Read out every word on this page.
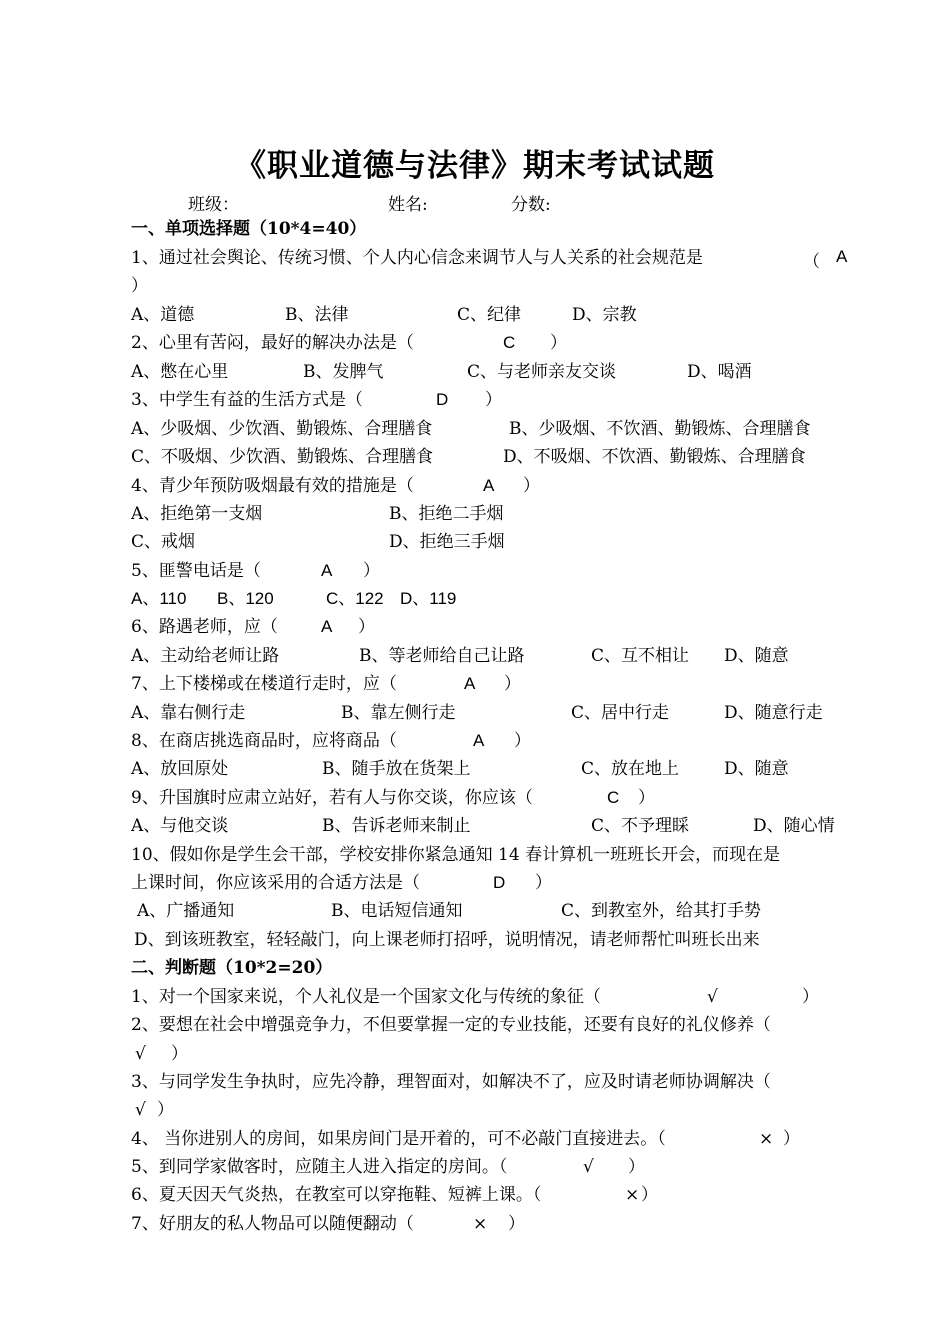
《职业道德与法律》期末考试试题
班级：	姓名:	分数:
一、单项选择题（10*4=40）
1、通过社会舆论、传统习惯、个人内心信念来调节人与人关系的社会规范是	（ A
）
A、道德	B、法律	C、纪律	D、宗教
2、心里有苦闷，最好的解决办法是（	C ）
A、憋在心里	B、发脾气	C、与老师亲友交谈	D、喝酒
3、中学生有益的生活方式是（	D ）
A、少吸烟、少饮酒、勤锻炼、合理膳食	B、少吸烟、不饮酒、勤锻炼、合理膳食
C、不吸烟、少饮酒、勤锻炼、合理膳食	D、不吸烟、不饮酒、勤锻炼、合理膳食
4、青少年预防吸烟最有效的措施是（	A ）
A、拒绝第一支烟	B、拒绝二手烟
C、戒烟	D、拒绝三手烟
5、匪警电话是（	A ）
A、110 B、120	C、122 D、119
6、路遇老师，应（	A ）
A、主动给老师让路	B、等老师给自己让路	C、互不相让 D、随意
7、上下楼梯或在楼道行走时，应（	A ）
A、靠右侧行走	B、靠左侧行走	C、居中行走	D、随意行走
8、在商店挑选商品时，应将商品（	A ）
A、放回原处	B、随手放在货架上	C、放在地上	D、随意
9、升国旗时应肃立站好，若有人与你交谈，你应该（	C ）
A、与他交谈	B、告诉老师来制止	C、不予理睬	D、随心情
10、假如你是学生会干部，学校安排你紧急通知 14 春计算机一班班长开会，而现在是
上课时间，你应该采用的合适方法是（	D ）
A、广播通知	B、电话短信通知	C、到教室外，给其打手势
D、到该班教室，轻轻敲门，向上课老师打招呼，说明情况，请老师帮忙叫班长出来
二、判断题（10*2=20）
1、对一个国家来说，个人礼仪是一个国家文化与传统的象征（	√	）
2、要想在社会中增强竞争力，不但要掌握一定的专业技能，还要有良好的礼仪修养（
√ ）
3、与同学发生争执时，应先冷静，理智面对，如解决不了，应及时请老师协调解决（
√ ）
4、 当你进别人的房间，如果房间门是开着的，可不必敲门直接进去。（	× ）
5、到同学家做客时，应随主人进入指定的房间。（	√ ）
6、夏天因天气炎热，在教室可以穿拖鞋、短裤上课。（	× ）
7、好朋友的私人物品可以随便翻动（	× ）
